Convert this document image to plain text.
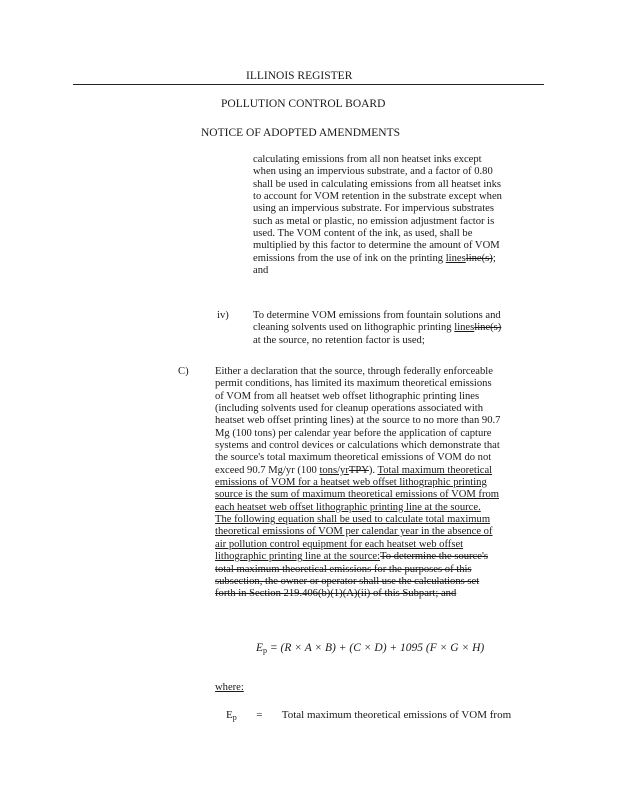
ILLINOIS REGISTER
POLLUTION CONTROL BOARD
NOTICE OF ADOPTED AMENDMENTS
calculating emissions from all non heatset inks except
when using an impervious substrate, and a factor of 0.80
shall be used in calculating emissions from all heatset inks
to account for VOM retention in the substrate except when
using an impervious substrate. For impervious substrates
such as metal or plastic, no emission adjustment factor is
used. The VOM content of the ink, as used, shall be
multiplied by this factor to determine the amount of VOM
emissions from the use of ink on the printing linesline(s);
and
iv) To determine VOM emissions from fountain solutions and
cleaning solvents used on lithographic printing linesline(s)
at the source, no retention factor is used;
C) Either a declaration that the source, through federally enforceable
permit conditions, has limited its maximum theoretical emissions
of VOM from all heatset web offset lithographic printing lines
(including solvents used for cleanup operations associated with
heatset web offset printing lines) at the source to no more than 90.7
Mg (100 tons) per calendar year before the application of capture
systems and control devices or calculations which demonstrate that
the source's total maximum theoretical emissions of VOM do not
exceed 90.7 Mg/yr (100 tons/yrTPY). Total maximum theoretical
emissions of VOM for a heatset web offset lithographic printing
source is the sum of maximum theoretical emissions of VOM from
each heatset web offset lithographic printing line at the source.
The following equation shall be used to calculate total maximum
theoretical emissions of VOM per calendar year in the absence of
air pollution control equipment for each heatset web offset
lithographic printing line at the source:To determine the source's
total maximum theoretical emissions for the purposes of this
subsection, the owner or operator shall use the calculations set
forth in Section 219.406(b)(1)(A)(ii) of this Subpart; and
$E_p = (R \times A \times B) + (C \times D) + 1095$ (F × G × H)
where:
$E_p$ = Total maximum theoretical emissions of VOM from
